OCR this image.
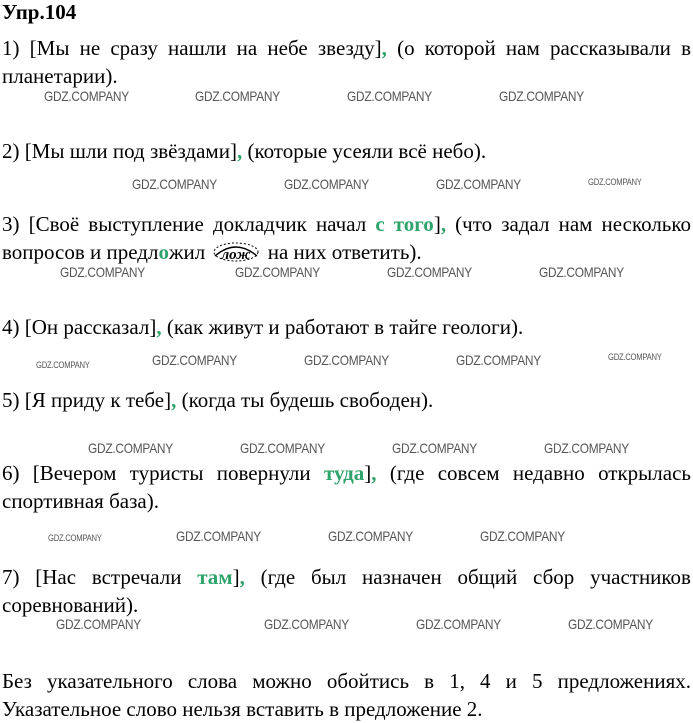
Упр.104
1) [Мы не сразу нашли на небе звезду], (о которой нам рассказывали в планетарии).
2) [Мы шли под звёздами], (которые усеяли всё небо).
3) [Своё выступление докладчик начал с того], (что задал нам несколько вопросов и предложил лож на них ответить).
4) [Он рассказал], (как живут и работают в тайге геологи).
5) [Я приду к тебе], (когда ты будешь свободен).
6) [Вечером туристы повернули туда], (где совсем недавно открылась спортивная база).
7) [Нас встречали там], (где был назначен общий сбор участников соревнований).
Без указательного слова можно обойтись в 1, 4 и 5 предложениях. Указательное слово нельзя вставить в предложение 2.
GDZ.COMPANY	GDZ.COMPANY	GDZ.COMPANY	GDZ.COMPANY
GDZ.COMPANY	GDZ.COMPANY	GDZ.COMPANY	GDZ.COMPANY
GDZ.COMPANY	GDZ.COMPANY	GDZ.COMPANY	GDZ.COMPANY
GDZ.COMPANY	GDZ.COMPANY	GDZ.COMPANY	GDZ.COMPANY	GDZ.COMPANY
GDZ.COMPANY	GDZ.COMPANY	GDZ.COMPANY	GDZ.COMPANY
GDZ.COMPANY	GDZ.COMPANY	GDZ.COMPANY	GDZ.COMPANY
GDZ.COMPANY	GDZ.COMPANY	GDZ.COMPANY	GDZ.COMPANY
